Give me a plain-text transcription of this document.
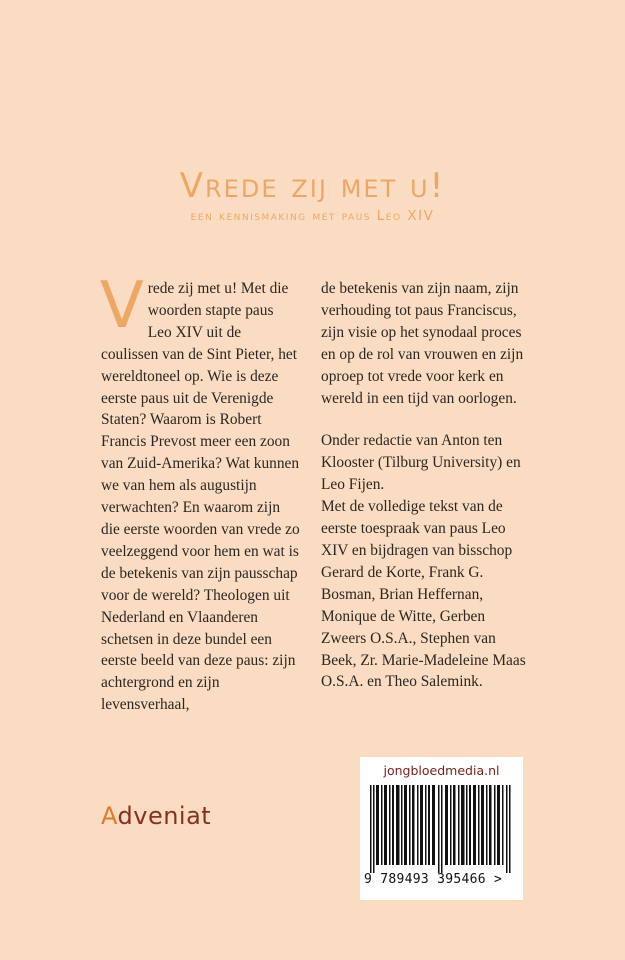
Vrede zij met u!
een kennismaking met paus Leo XIV
V rede zij met u! Met die woorden stapte paus Leo XIV uit de coulissen van de Sint Pieter, het wereldtoneel op. Wie is deze eerste paus uit de Verenigde Staten? Waarom is Robert Francis Prevost meer een zoon van Zuid-Amerika? Wat kunnen we van hem als augustijn verwachten? En waarom zijn die eerste woorden van vrede zo veelzeggend voor hem en wat is de betekenis van zijn pausschap voor de wereld? Theologen uit Nederland en Vlaanderen schetsen in deze bundel een eerste beeld van deze paus: zijn achtergrond en zijn levensverhaal,

de betekenis van zijn naam, zijn verhouding tot paus Franciscus, zijn visie op het synodaal proces en op de rol van vrouwen en zijn oproep tot vrede voor kerk en wereld in een tijd van oorlogen.

Onder redactie van Anton ten Klooster (Tilburg University) en Leo Fijen.

Met de volledige tekst van de eerste toespraak van paus Leo XIV en bijdragen van bisschop Gerard de Korte, Frank G. Bosman, Brian Heffernan, Monique de Witte, Gerben Zweers O.S.A., Stephen van Beek, Zr. Marie-Madeleine Maas O.S.A. en Theo Salemink.

Adveniat
jongbloedmedia.nl
9 789493 395466 >
